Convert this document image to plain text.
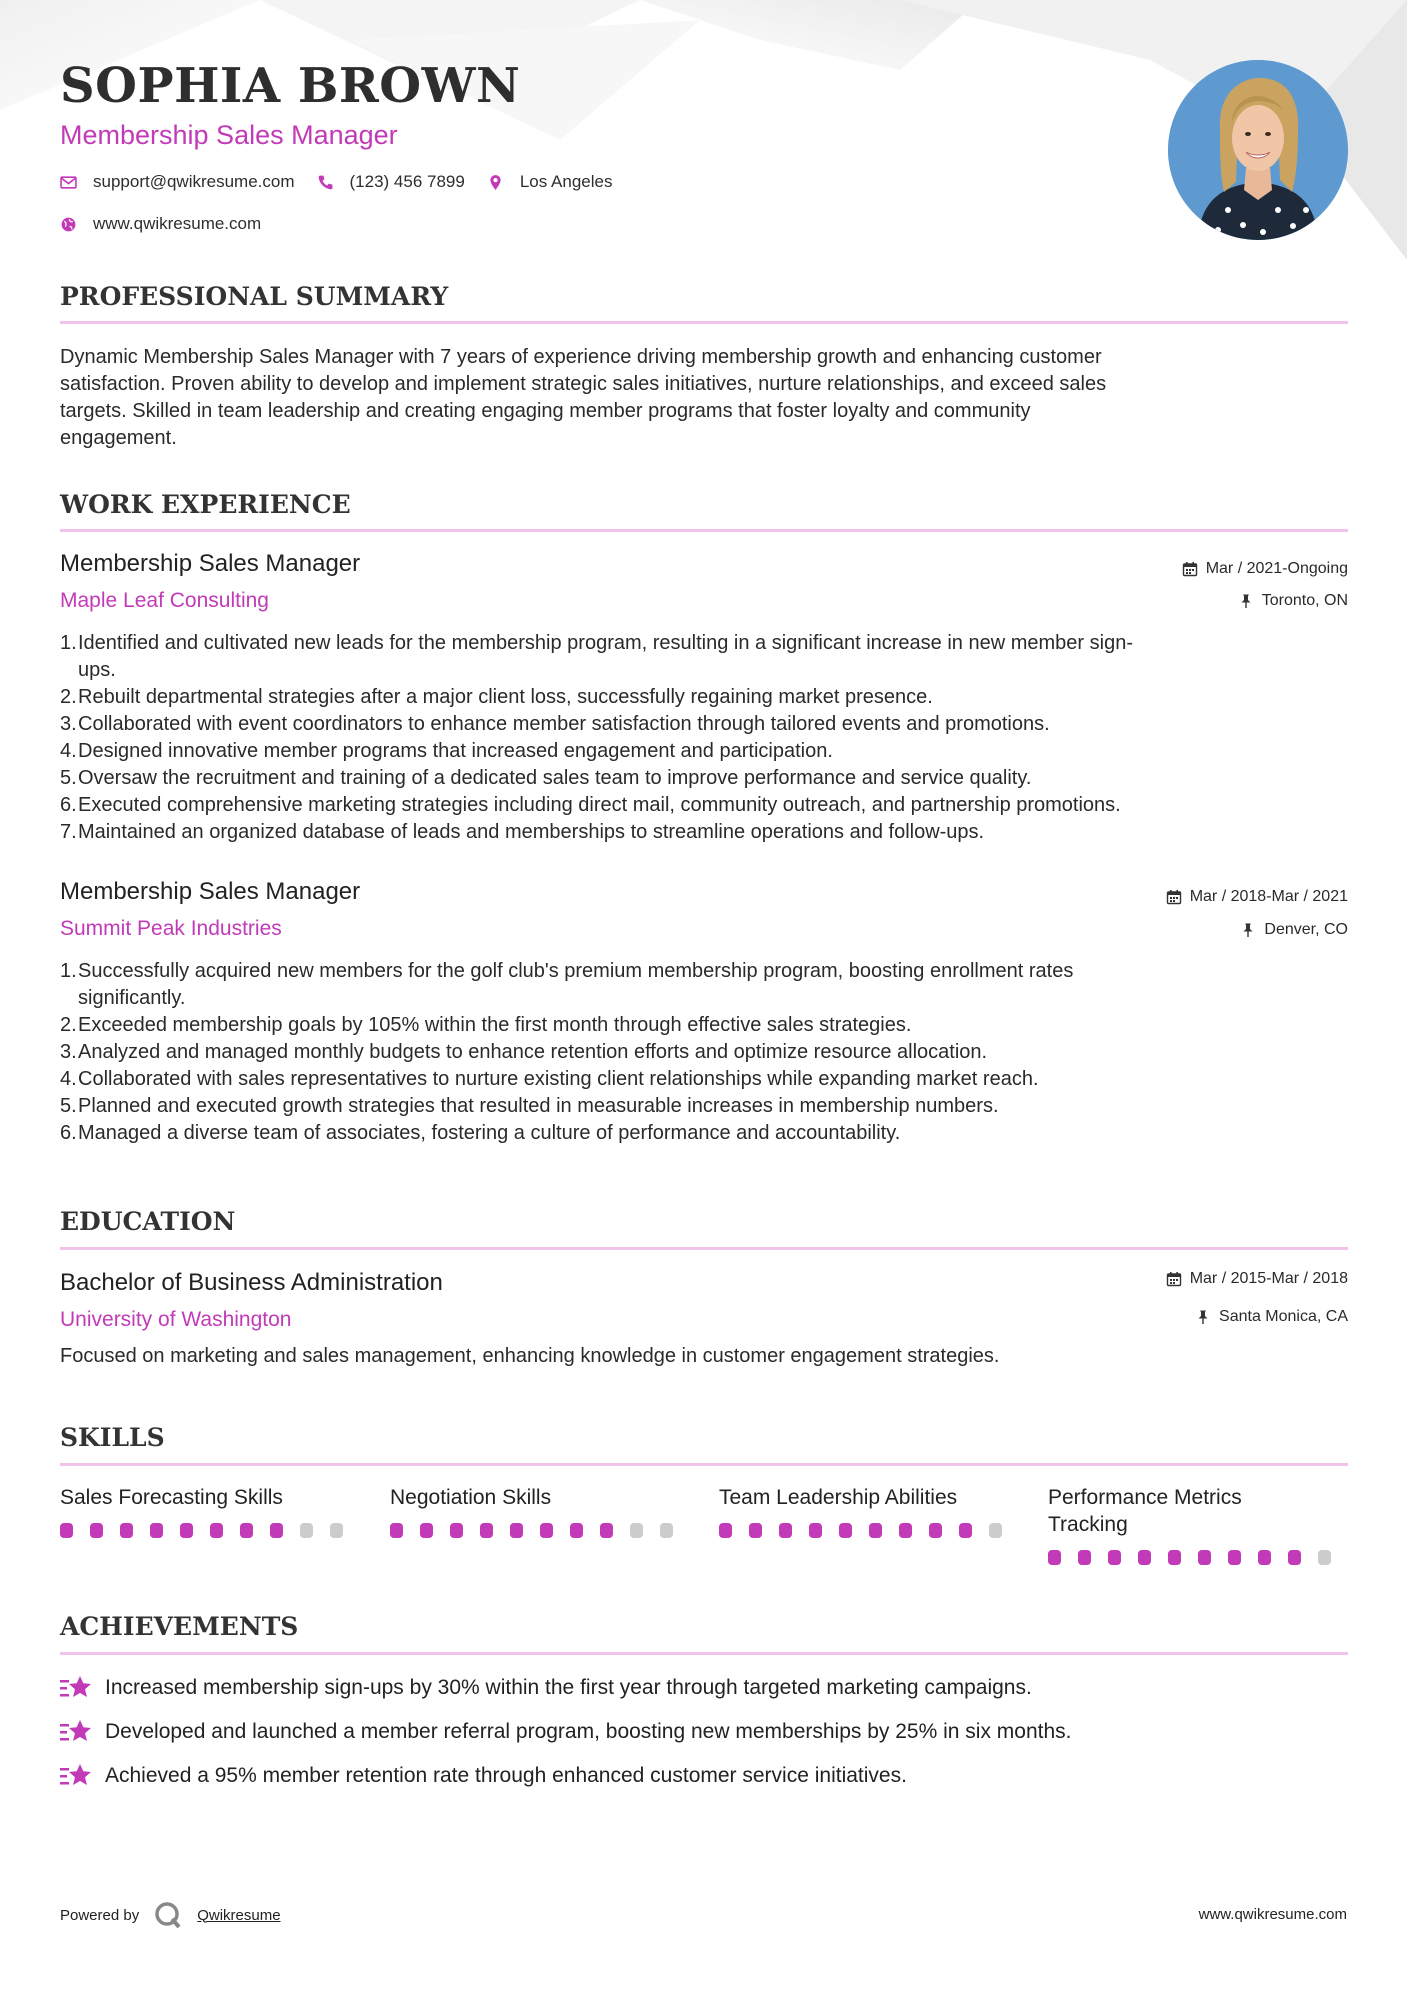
SOPHIA BROWN
Membership Sales Manager
support@qwikresume.com	(123) 456 7899	Los Angeles
www.qwikresume.com
PROFESSIONAL SUMMARY
Dynamic Membership Sales Manager with 7 years of experience driving membership growth and enhancing customer
satisfaction. Proven ability to develop and implement strategic sales initiatives, nurture relationships, and exceed sales
targets. Skilled in team leadership and creating engaging member programs that foster loyalty and community
engagement.
WORK EXPERIENCE
Membership Sales Manager
Maple Leaf Consulting
Mar / 2021-Ongoing
Toronto, ON
1. Identified and cultivated new leads for the membership program, resulting in a significant increase in new member sign-
ups.
2. Rebuilt departmental strategies after a major client loss, successfully regaining market presence.
3. Collaborated with event coordinators to enhance member satisfaction through tailored events and promotions.
4. Designed innovative member programs that increased engagement and participation.
5. Oversaw the recruitment and training of a dedicated sales team to improve performance and service quality.
6. Executed comprehensive marketing strategies including direct mail, community outreach, and partnership promotions.
7. Maintained an organized database of leads and memberships to streamline operations and follow-ups.
Membership Sales Manager
Summit Peak Industries
Mar / 2018-Mar / 2021
Denver, CO
1. Successfully acquired new members for the golf club's premium membership program, boosting enrollment rates
significantly.
2. Exceeded membership goals by 105% within the first month through effective sales strategies.
3. Analyzed and managed monthly budgets to enhance retention efforts and optimize resource allocation.
4. Collaborated with sales representatives to nurture existing client relationships while expanding market reach.
5. Planned and executed growth strategies that resulted in measurable increases in membership numbers.
6. Managed a diverse team of associates, fostering a culture of performance and accountability.
EDUCATION
Bachelor of Business Administration
University of Washington
Mar / 2015-Mar / 2018
Santa Monica, CA
Focused on marketing and sales management, enhancing knowledge in customer engagement strategies.
SKILLS
Sales Forecasting Skills	Negotiation Skills	Team Leadership Abilities	Performance Metrics
Tracking
ACHIEVEMENTS
Increased membership sign-ups by 30% within the first year through targeted marketing campaigns.
Developed and launched a member referral program, boosting new memberships by 25% in six months.
Achieved a 95% member retention rate through enhanced customer service initiatives.
Powered by	Qwikresume	www.qwikresume.com
